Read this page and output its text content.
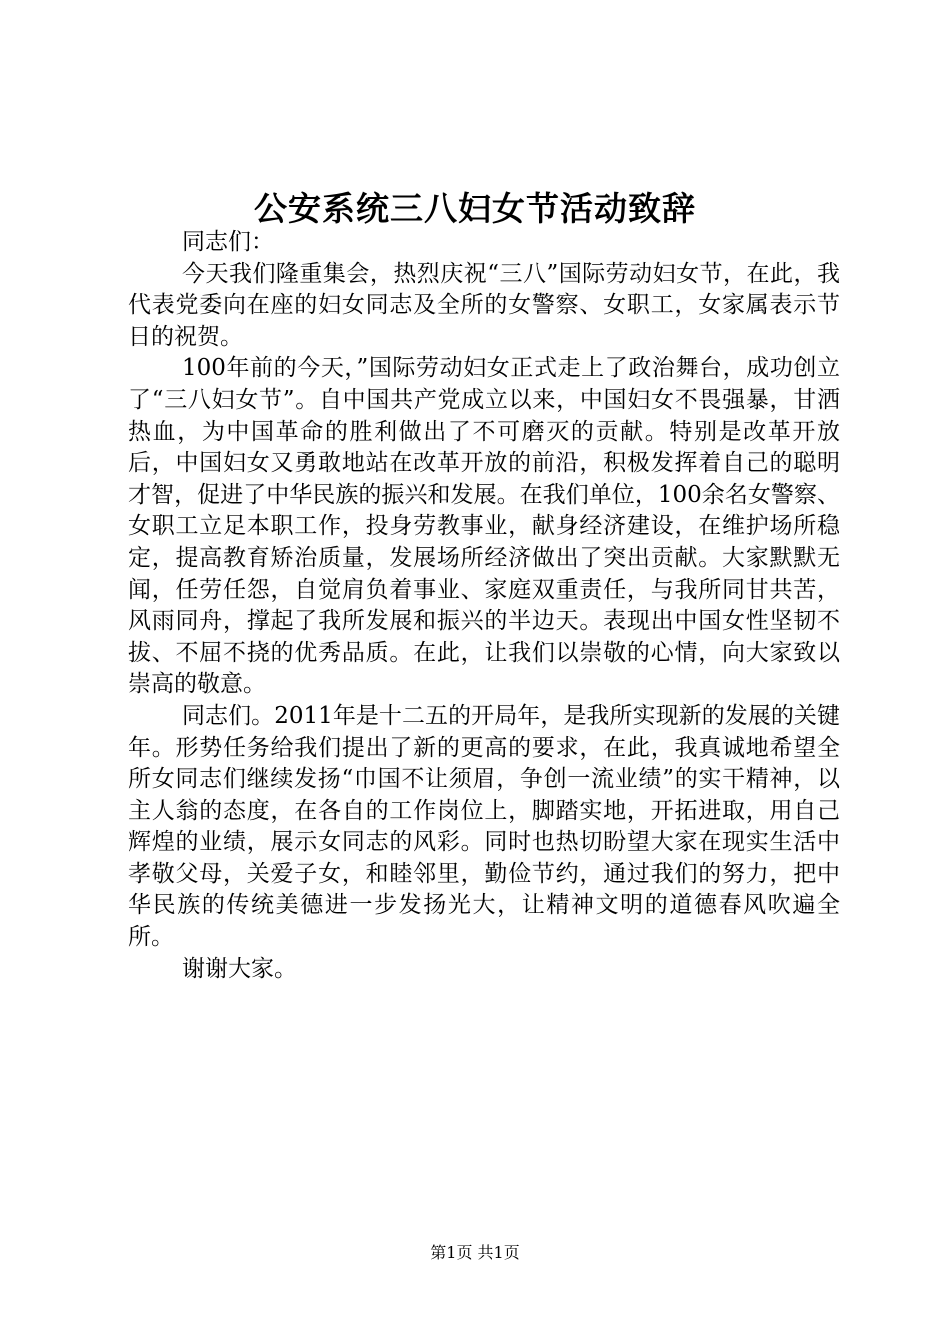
公安系统三八妇女节活动致辞

同志们：

今天我们隆重集会，热烈庆祝“三八”国际劳动妇女节，在此，我代表党委向在座的妇女同志及全所的女警察、女职工，女家属表示节日的祝贺。

100年前的今天，”国际劳动妇女正式走上了政治舞台，成功创立了“三八妇女节”。自中国共产党成立以来，中国妇女不畏强暴，甘洒热血，为中国革命的胜利做出了不可磨灭的贡献。特别是改革开放后，中国妇女又勇敢地站在改革开放的前沿，积极发挥着自己的聪明才智，促进了中华民族的振兴和发展。在我们单位，100余名女警察、女职工立足本职工作，投身劳教事业，献身经济建设，在维护场所稳定，提高教育矫治质量，发展场所经济做出了突出贡献。大家默默无闻，任劳任怨，自觉肩负着事业、家庭双重责任，与我所同甘共苦，风雨同舟，撑起了我所发展和振兴的半边天。表现出中国女性坚韧不拔、不屈不挠的优秀品质。在此，让我们以崇敬的心情，向大家致以崇高的敬意。

同志们。2011年是十二五的开局年，是我所实现新的发展的关键年。形势任务给我们提出了新的更高的要求，在此，我真诚地希望全所女同志们继续发扬“巾国不让须眉，争创一流业绩”的实干精神，以主人翁的态度，在各自的工作岗位上，脚踏实地，开拓进取，用自己辉煌的业绩，展示女同志的风彩。同时也热切盼望大家在现实生活中孝敬父母，关爱子女，和睦邻里，勤俭节约，通过我们的努力，把中华民族的传统美德进一步发扬光大，让精神文明的道德春风吹遍全所。

谢谢大家。

第1页 共1页
